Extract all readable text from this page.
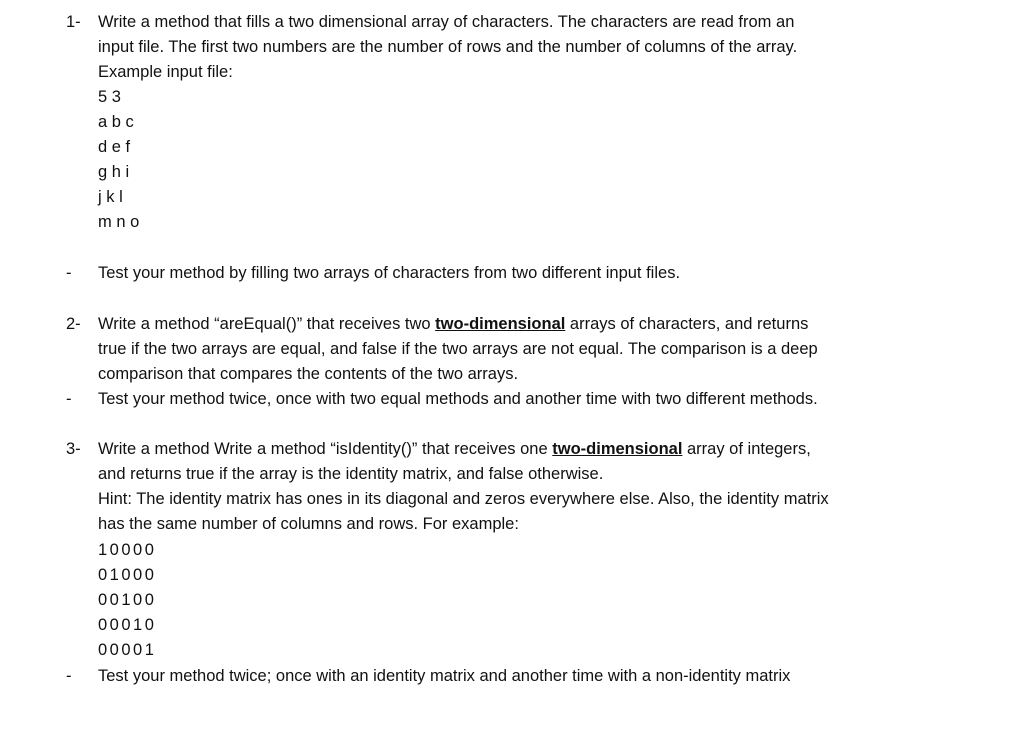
1- Write a method that fills a two dimensional array of characters. The characters are read from an
input file. The first two numbers are the number of rows and the number of columns of the array.
Example input file:
5 3
a b c
d e f
g h i
j k l
m n o
- Test your method by filling two arrays of characters from two different input files.
2- Write a method “areEqual()” that receives two two-dimensional arrays of characters, and returns
true if the two arrays are equal, and false if the two arrays are not equal. The comparison is a deep
comparison that compares the contents of the two arrays.
- Test your method twice, once with two equal methods and another time with two different methods.
3- Write a method Write a method “isIdentity()” that receives one two-dimensional array of integers,
and returns true if the array is the identity matrix, and false otherwise.
Hint: The identity matrix has ones in its diagonal and zeros everywhere else. Also, the identity matrix
has the same number of columns and rows. For example:
10000
01000
00100
00010
00001
- Test your method twice; once with an identity matrix and another time with a non-identity matrix
